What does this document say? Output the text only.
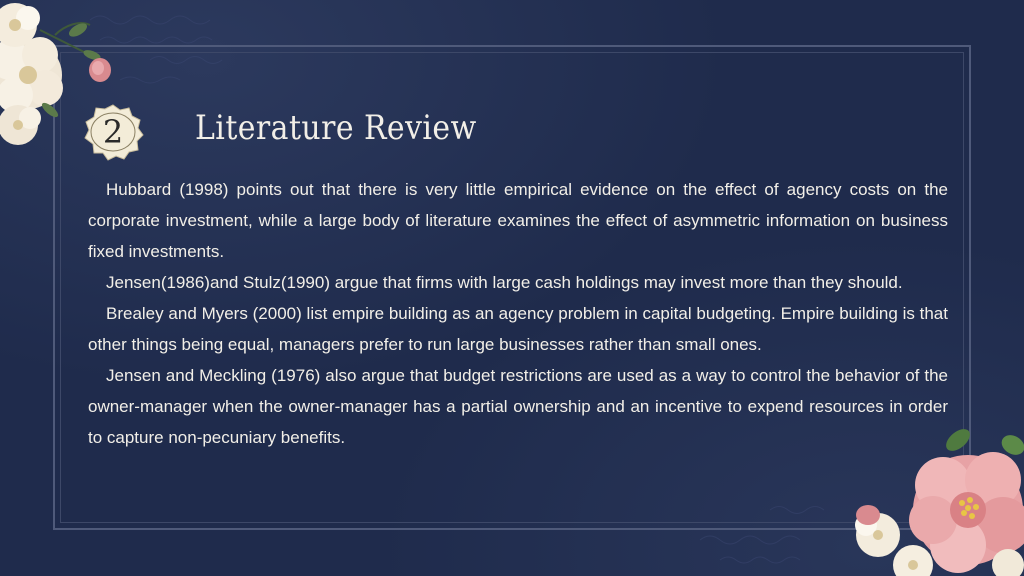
2	Literature Review

Hubbard (1998) points out that there is very little empirical evidence on the effect of agency costs on the corporate investment, while a large body of literature examines the effect of asymmetric information on business fixed investments.

Jensen(1986)and Stulz(1990) argue that firms with large cash holdings may invest more than they should.

Brealey and Myers (2000) list empire building as an agency problem in capital budgeting. Empire building is that other things being equal, managers prefer to run large businesses rather than small ones.

Jensen and Meckling (1976) also argue that budget restrictions are used as a way to control the behavior of the owner-manager when the owner-manager has a partial ownership and an incentive to expend resources in order to capture non-pecuniary benefits.
